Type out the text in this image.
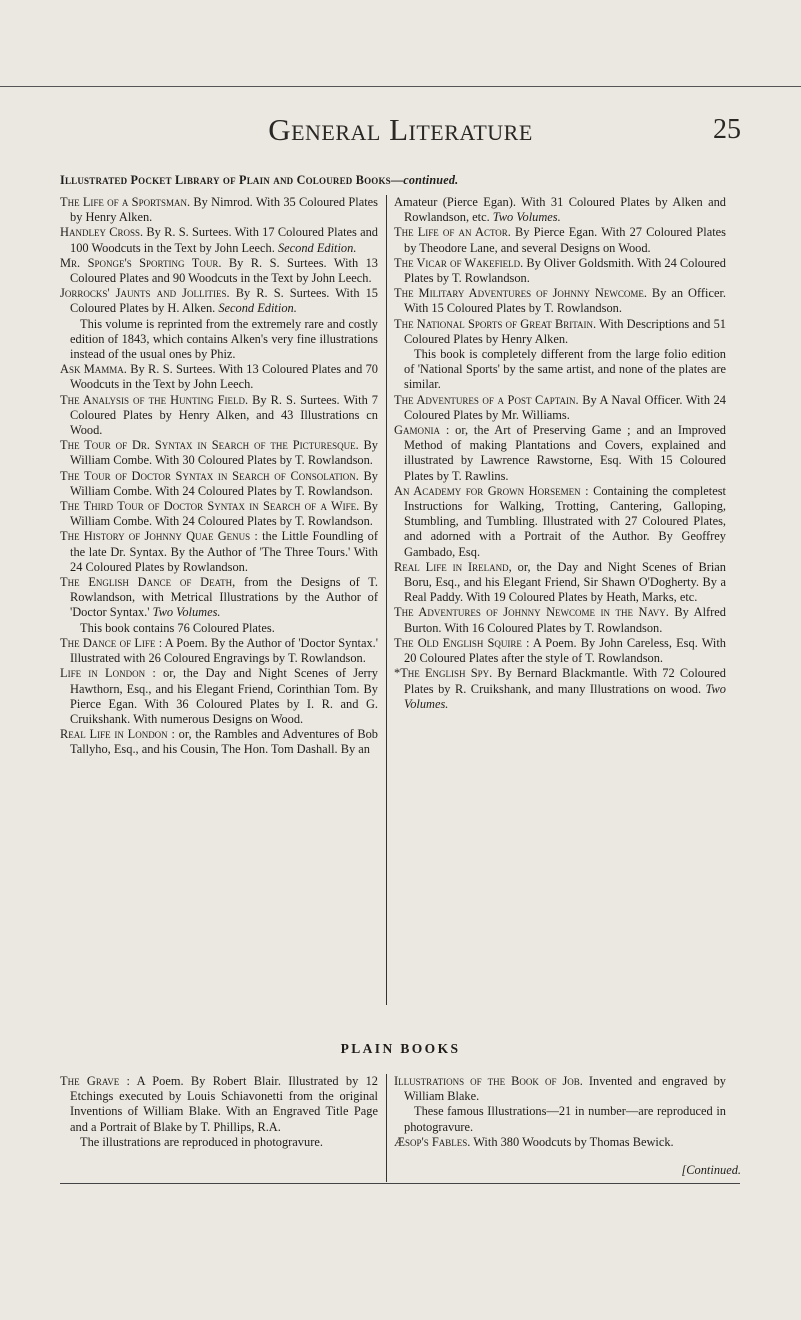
General Literature	25
Illustrated Pocket Library of Plain and Coloured Books—continued.

The Life of a Sportsman. By Nimrod. With 35 Coloured Plates by Henry Alken.

Handley Cross. By R. S. Surtees. With 17 Coloured Plates and 100 Woodcuts in the Text by John Leech. Second Edition.

Mr. Sponge's Sporting Tour. By R. S. Surtees. With 13 Coloured Plates and 90 Woodcuts in the Text by John Leech.

Jorrocks' Jaunts and Jollities. By R. S. Surtees. With 15 Coloured Plates by H. Alken. Second Edition.

This volume is reprinted from the extremely rare and costly edition of 1843, which contains Alken's very fine illustrations instead of the usual ones by Phiz.

Ask Mamma. By R. S. Surtees. With 13 Coloured Plates and 70 Woodcuts in the Text by John Leech.

The Analysis of the Hunting Field. By R. S. Surtees. With 7 Coloured Plates by Henry Alken, and 43 Illustrations cn Wood.

The Tour of Dr. Syntax in Search of the Picturesque. By William Combe. With 30 Coloured Plates by T. Rowlandson.

The Tour of Doctor Syntax in Search of Consolation. By William Combe. With 24 Coloured Plates by T. Rowlandson.

The Third Tour of Doctor Syntax in Search of a Wife. By William Combe. With 24 Coloured Plates by T. Rowlandson.

The History of Johnny Quae Genus : the Little Foundling of the late Dr. Syntax. By the Author of 'The Three Tours.' With 24 Coloured Plates by Rowlandson.

The English Dance of Death, from the Designs of T. Rowlandson, with Metrical Illustrations by the Author of 'Doctor Syntax.' Two Volumes.

This book contains 76 Coloured Plates.

The Dance of Life : A Poem. By the Author of 'Doctor Syntax.' Illustrated with 26 Coloured Engravings by T. Rowlandson.

Life in London : or, the Day and Night Scenes of Jerry Hawthorn, Esq., and his Elegant Friend, Corinthian Tom. By Pierce Egan. With 36 Coloured Plates by I. R. and G. Cruikshank. With numerous Designs on Wood.

Real Life in London : or, the Rambles and Adventures of Bob Tallyho, Esq., and his Cousin, The Hon. Tom Dashall. By an

Amateur (Pierce Egan). With 31 Coloured Plates by Alken and Rowlandson, etc. Two Volumes.

The Life of an Actor. By Pierce Egan. With 27 Coloured Plates by Theodore Lane, and several Designs on Wood.

The Vicar of Wakefield. By Oliver Goldsmith. With 24 Coloured Plates by T. Rowlandson.

The Military Adventures of Johnny Newcome. By an Officer. With 15 Coloured Plates by T. Rowlandson.

The National Sports of Great Britain. With Descriptions and 51 Coloured Plates by Henry Alken.

This book is completely different from the large folio edition of 'National Sports' by the same artist, and none of the plates are similar.

The Adventures of a Post Captain. By A Naval Officer. With 24 Coloured Plates by Mr. Williams.

Gamonia : or, the Art of Preserving Game ; and an Improved Method of making Plantations and Covers, explained and illustrated by Lawrence Rawstorne, Esq. With 15 Coloured Plates by T. Rawlins.

An Academy for Grown Horsemen : Containing the completest Instructions for Walking, Trotting, Cantering, Galloping, Stumbling, and Tumbling. Illustrated with 27 Coloured Plates, and adorned with a Portrait of the Author. By Geoffrey Gambado, Esq.

Real Life in Ireland, or, the Day and Night Scenes of Brian Boru, Esq., and his Elegant Friend, Sir Shawn O'Dogherty. By a Real Paddy. With 19 Coloured Plates by Heath, Marks, etc.

The Adventures of Johnny Newcome in the Navy. By Alfred Burton. With 16 Coloured Plates by T. Rowlandson.

The Old English Squire : A Poem. By John Careless, Esq. With 20 Coloured Plates after the style of T. Rowlandson.

*The English Spy. By Bernard Blackmantle. With 72 Coloured Plates by R. Cruikshank, and many Illustrations on wood. Two Volumes.

PLAIN BOOKS

The Grave : A Poem. By Robert Blair. Illustrated by 12 Etchings executed by Louis Schiavonetti from the original Inventions of William Blake. With an Engraved Title Page and a Portrait of Blake by T. Phillips, R.A.

The illustrations are reproduced in photogravure.

Illustrations of the Book of Job. Invented and engraved by William Blake.

These famous Illustrations—21 in number—are reproduced in photogravure.

Æsop's Fables. With 380 Woodcuts by Thomas Bewick.

[Continued.
